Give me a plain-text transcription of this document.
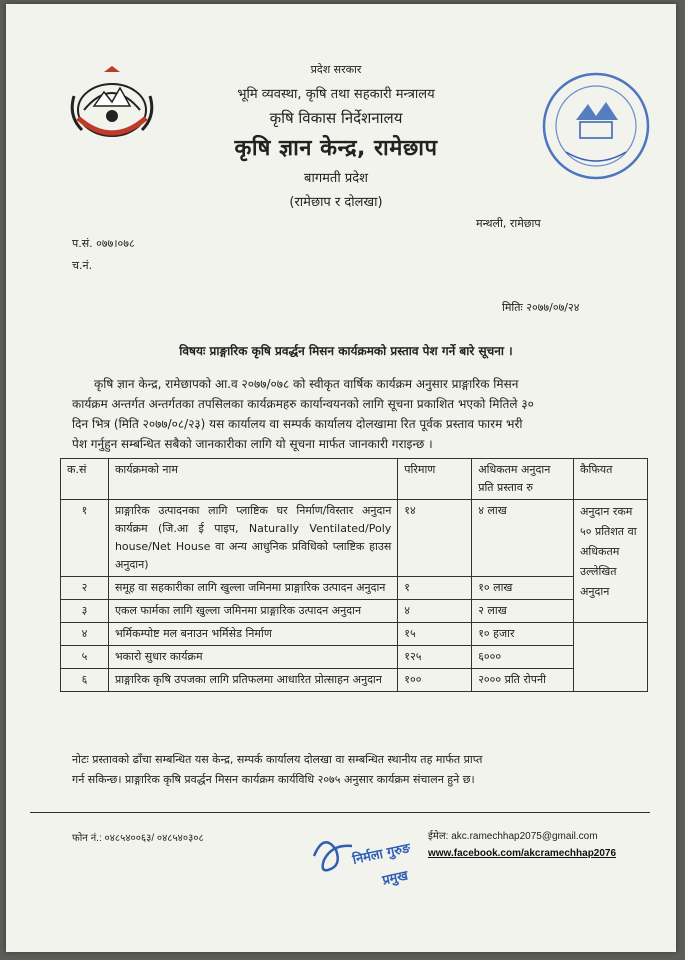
प्रदेश सरकार
भूमि व्यवस्था, कृषि तथा सहकारी मन्त्रालय
कृषि विकास निर्देशनालय
कृषि ज्ञान केन्द्र, रामेछाप
बागमती प्रदेश
(रामेछाप र दोलखा)
मन्थली, रामेछाप
प.सं. ०७७।०७८
च.नं.
मितिः २०७७/०७/२४
विषयः प्राङ्गारिक कृषि प्रवर्द्धन मिसन कार्यक्रमको प्रस्ताव पेश गर्ने बारे सूचना ।
कृषि ज्ञान केन्द्र, रामेछापको आ.व २०७७/०७८ को स्वीकृत वार्षिक कार्यक्रम अनुसार प्राङ्गारिक मिसन
कार्यक्रम अन्तर्गत अन्तर्गतका तपसिलका कार्यक्रमहरु कार्यान्वयनको लागि सूचना प्रकाशित भएको मितिले ३०
दिन भित्र (मिति २०७७/०८/२३) यस कार्यालय वा सम्पर्क कार्यालय दोलखामा रित पूर्वक प्रस्ताव फारम भरी
पेश गर्नुहुन सम्बन्धित सबैको जानकारीका लागि यो सूचना मार्फत जानकारी गराइन्छ ।
क.सं	कार्यक्रमको नाम	परिमाण	अधिकतम अनुदान प्रति प्रस्ताव रु	कैफियत
१	प्राङ्गारिक उत्पादनका लागि प्लाष्टिक घर निर्माण/विस्तार अनुदान कार्यक्रम (जि.आ ई पाइप, Naturally Ventilated/Poly house/Net House वा अन्य आधुनिक प्रविधिको प्लाष्टिक हाउस अनुदान)	१४	४ लाख	अनुदान रकम ५० प्रतिशत वा अधिकतम उल्लेखित अनुदान
२	समूह वा सहकारीका लागि खुल्ला जमिनमा प्राङ्गारिक उत्पादन अनुदान	१	१० लाख	
३	एकल फार्मका लागि खुल्ला जमिनमा प्राङ्गारिक उत्पादन अनुदान	४	२ लाख	
४	भर्मिकम्पोष्ट मल बनाउन भर्मिसेड निर्माण	१५	१० हजार	
५	भकारो सुधार कार्यक्रम	१२५	६०००	
६	प्राङ्गारिक कृषि उपजका लागि प्रतिफलमा आधारित प्रोत्साहन अनुदान	१००	२००० प्रति रोपनी	
नोटः प्रस्तावको ढाँचा सम्बन्धित यस केन्द्र, सम्पर्क कार्यालय दोलखा वा सम्बन्धित स्थानीय तह मार्फत प्राप्त
गर्न सकिन्छ। प्राङ्गारिक कृषि प्रवर्द्धन मिसन कार्यक्रम कार्यविधि २०७५ अनुसार कार्यक्रम संचालन हुने छ।
फोन नं.: ०४८५४००६३/ ०४८५४०३०८
निर्मला गुरुङ
प्रमुख
ईमेल: akc.ramechhap2075@gmail.com
www.facebook.com/akcramechhap2076
